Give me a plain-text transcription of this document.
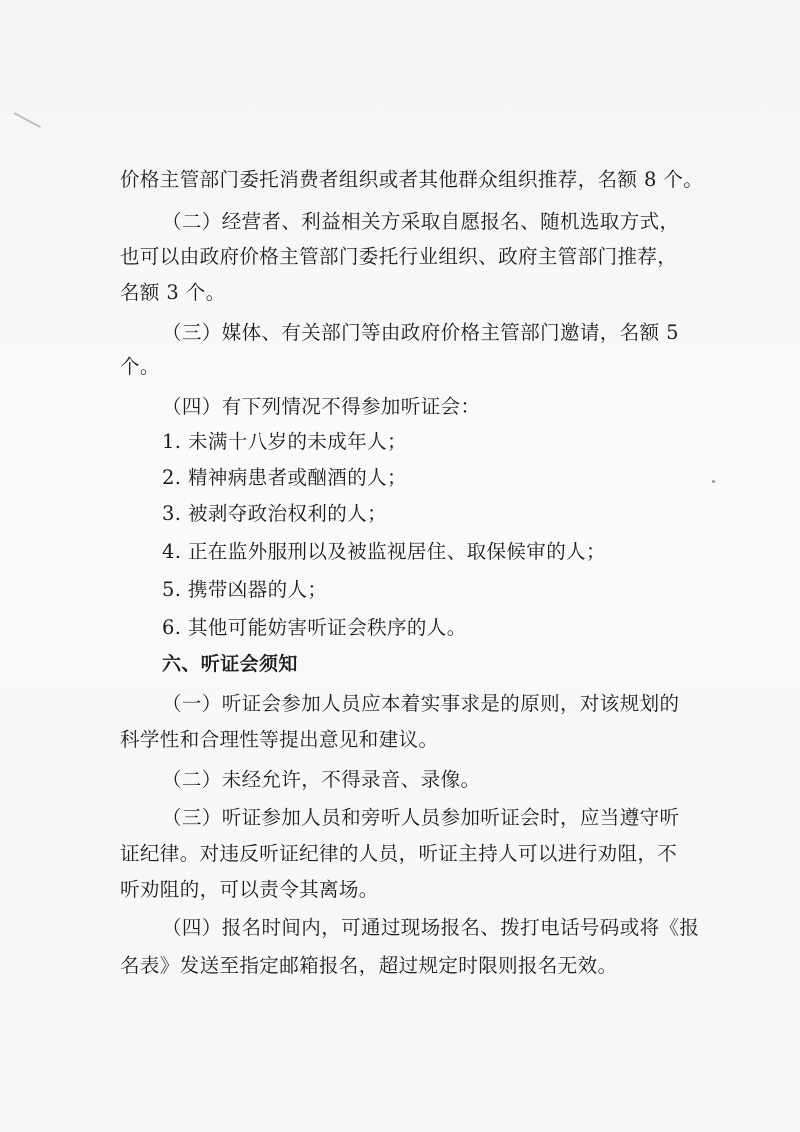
价格主管部门委托消费者组织或者其他群众组织推荐，名额 8 个。
（二）经营者、利益相关方采取自愿报名、随机选取方式，
也可以由政府价格主管部门委托行业组织、政府主管部门推荐，
名额 3 个。
（三）媒体、有关部门等由政府价格主管部门邀请，名额 5
个。
（四）有下列情况不得参加听证会：
1. 未满十八岁的未成年人；
2. 精神病患者或酗酒的人；
3. 被剥夺政治权利的人；
4. 正在监外服刑以及被监视居住、取保候审的人；
5. 携带凶器的人；
6. 其他可能妨害听证会秩序的人。
六、听证会须知
（一）听证会参加人员应本着实事求是的原则，对该规划的
科学性和合理性等提出意见和建议。
（二）未经允许，不得录音、录像。
（三）听证参加人员和旁听人员参加听证会时，应当遵守听
证纪律。对违反听证纪律的人员，听证主持人可以进行劝阻，不
听劝阻的，可以责令其离场。
（四）报名时间内，可通过现场报名、拨打电话号码或将《报
名表》发送至指定邮箱报名，超过规定时限则报名无效。
